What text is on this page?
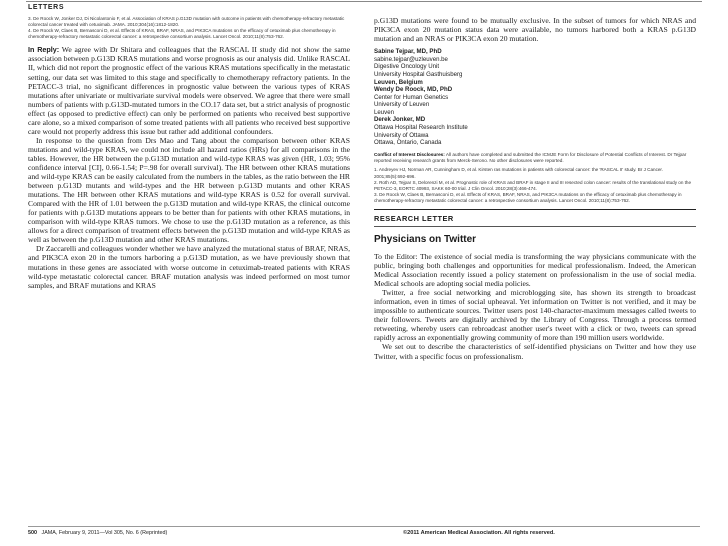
LETTERS

3. De Roock W, Jonker DJ, Di Nicolantonio F, et al. Association of KRAS p.G13D mutation with outcome in patients with chemotherapy-refractory metastatic colorectal cancer treated with cetuximab. JAMA. 2010;304(16):1812-1820.

4. De Roock W, Claes B, Bernasconi D, et al. Effects of KRAS, BRAF, NRAS, and PIK3CA mutations on the efficacy of cetuximab plus chemotherapy in chemotherapy-refractory metastatic colorectal cancer: a retrospective consortium analysis. Lancet Oncol. 2010;11(8):753-762.

In Reply: We agree with Dr Shitara and colleagues that the RASCAL II study did not show the same association between p.G13D KRAS mutations and worse prognosis as our analysis did. Unlike RASCAL II, which did not report the prognostic effect of the various KRAS mutations specifically in the metastatic setting, our data set was limited to this stage and specifically to chemotherapy refractory patients. In the PETACC-3 trial, no significant differences in prognostic value between the various types of KRAS mutations after univariate or multivariate survival models were observed. We agree that there were small numbers of patients with p.G13D-mutated tumors in the CO.17 data set, but a strict analysis of prognostic effect (as opposed to predictive effect) can only be performed on patients who received best supportive care alone, so a mixed comparison of some treated patients with all patients who received best supportive care would not properly address this issue but rather add additional confounders.

In response to the question from Drs Mao and Tang about the comparison between other KRAS mutations and wild-type KRAS, we could not include all hazard ratios (HRs) for all comparisons in the tables. However, the HR between the p.G13D mutation and wild-type KRAS was given (HR, 1.03; 95% confidence interval [CI], 0.66-1.54; P=.98 for overall survival). The HR between other KRAS mutations and wild-type KRAS can be easily calculated from the numbers in the tables, as the ratio between the HR between p.G13D mutants and wild-types and the HR between p.G13D mutants and other KRAS mutations. The HR between other KRAS mutations and wild-type KRAS is 0.52 for overall survival. Compared with the HR of 1.01 between the p.G13D mutation and wild-type KRAS, the clinical outcome for patients with p.G13D mutations appears to be better than for patients with other KRAS mutations, in comparison with wild-type KRAS tumors. We chose to use the p.G13D mutation as a reference, as this allows for a direct comparison of treatment effects between the p.G13D mutation and wild-type KRAS as well as between the p.G13D mutation and other KRAS mutations.

Dr Zaccarelli and colleagues wonder whether we have analyzed the mutational status of BRAF, NRAS, and PIK3CA exon 20 in the tumors harboring a p.G13D mutation, as we have previously shown that mutations in these genes are associated with worse outcome in cetuximab-treated patients with KRAS wild-type metastatic colorectal cancer. BRAF mutation analysis was indeed performed on most tumor samples, and BRAF mutations and KRAS

p.G13D mutations were found to be mutually exclusive. In the subset of tumors for which NRAS and PIK3CA exon 20 mutation status data were available, no tumors harbored both a KRAS p.G13D mutation and an NRAS or PIK3CA exon 20 mutation.

Sabine Tejpar, MD, PhD
sabine.tejpar@uzleuven.be
Digestive Oncology Unit
University Hospital Gasthuisberg
Leuven, Belgium

Wendy De Roock, MD, PhD
Center for Human Genetics
University of Leuven
Leuven

Derek Jonker, MD
Ottawa Hospital Research Institute
University of Ottawa
Ottawa, Ontario, Canada

Conflict of Interest Disclosures: All authors have completed and submitted the ICMJE Form for Disclosure of Potential Conflicts of Interest. Dr Tejpar reported receiving research grants from Merck-Serono. No other disclosures were reported.

1. Andreyev HJ, Norman AR, Cunningham D, et al. Kirsten ras mutations in patients with colorectal cancer: the 'RASCAL II' study. Br J Cancer. 2001;85(5):692-696.

2. Roth AD, Tejpar S, Delorenzi M, et al. Prognostic role of KRAS and BRAF in stage II and III resected colon cancer: results of the translational study on the PETACC-3, EORTC 40993, SAKK 60-00 trial. J Clin Oncol. 2010;28(3):466-474.

3. De Roock W, Claes B, Bernasconi D, et al. Effects of KRAS, BRAF, NRAS, and PIK3CA mutations on the efficacy of cetuximab plus chemotherapy in chemotherapy-refractory metastatic colorectal cancer: a retrospective consortium analysis. Lancet Oncol. 2010;11(8):753-762.

RESEARCH LETTER

Physicians on Twitter

To the Editor: The existence of social media is transforming the way physicians communicate with the public, bringing both challenges and opportunities for medical professionalism. Indeed, the American Medical Association recently issued a policy statement on professionalism in the use of social media. Medical schools are adopting social media policies.

Twitter, a free social networking and microblogging site, has shown its strength to broadcast information, even in times of social upheaval. Yet information on Twitter is not verified, and it may be impossible to authenticate sources. Twitter users post 140-character-maximum messages called tweets to their followers. Tweets are digitally archived by the Library of Congress. Through a process termed retweeting, whereby users can rebroadcast another user's tweet with a click or two, tweets can spread rapidly across an exponentially growing community of more than 190 million users worldwide.

We set out to describe the characteristics of self-identified physicians on Twitter and how they use Twitter, with a specific focus on professionalism.

500 JAMA, February 9, 2011—Vol 305, No. 6 (Reprinted)	©2011 American Medical Association. All rights reserved.
